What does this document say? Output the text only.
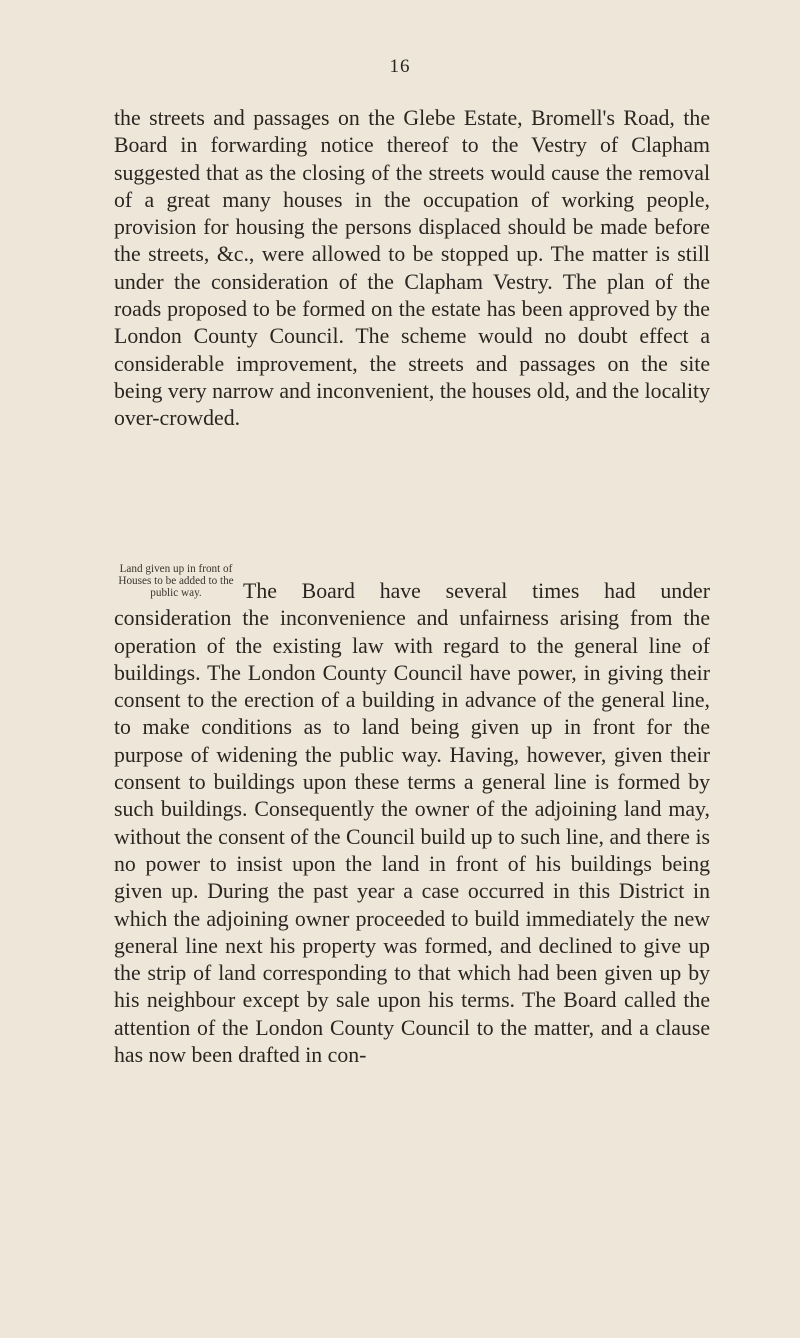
16

the streets and passages on the Glebe Estate, Bromell's Road, the Board in forwarding notice thereof to the Vestry of Clapham suggested that as the closing of the streets would cause the removal of a great many houses in the occupation of working people, provision for housing the persons displaced should be made before the streets, &c., were allowed to be stopped up. The matter is still under the consideration of the Clapham Vestry. The plan of the roads proposed to be formed on the estate has been approved by the London County Council. The scheme would no doubt effect a considerable improvement, the streets and passages on the site being very narrow and inconvenient, the houses old, and the locality over-crowded.

Land given up in front of Houses to be added to the public way.	The Board have several times had under consideration the inconvenience and unfairness arising from the operation of the existing law with regard to the general line of buildings. The London County Council have power, in giving their consent to the erection of a building in advance of the general line, to make conditions as to land being given up in front for the purpose of widening the public way. Having, however, given their consent to buildings upon these terms a general line is formed by such buildings. Consequently the owner of the adjoining land may, without the consent of the Council build up to such line, and there is no power to insist upon the land in front of his buildings being given up. During the past year a case occurred in this District in which the adjoining owner proceeded to build immediately the new general line next his property was formed, and declined to give up the strip of land corresponding to that which had been given up by his neighbour except by sale upon his terms. The Board called the attention of the London County Council to the matter, and a clause has now been drafted in con-
